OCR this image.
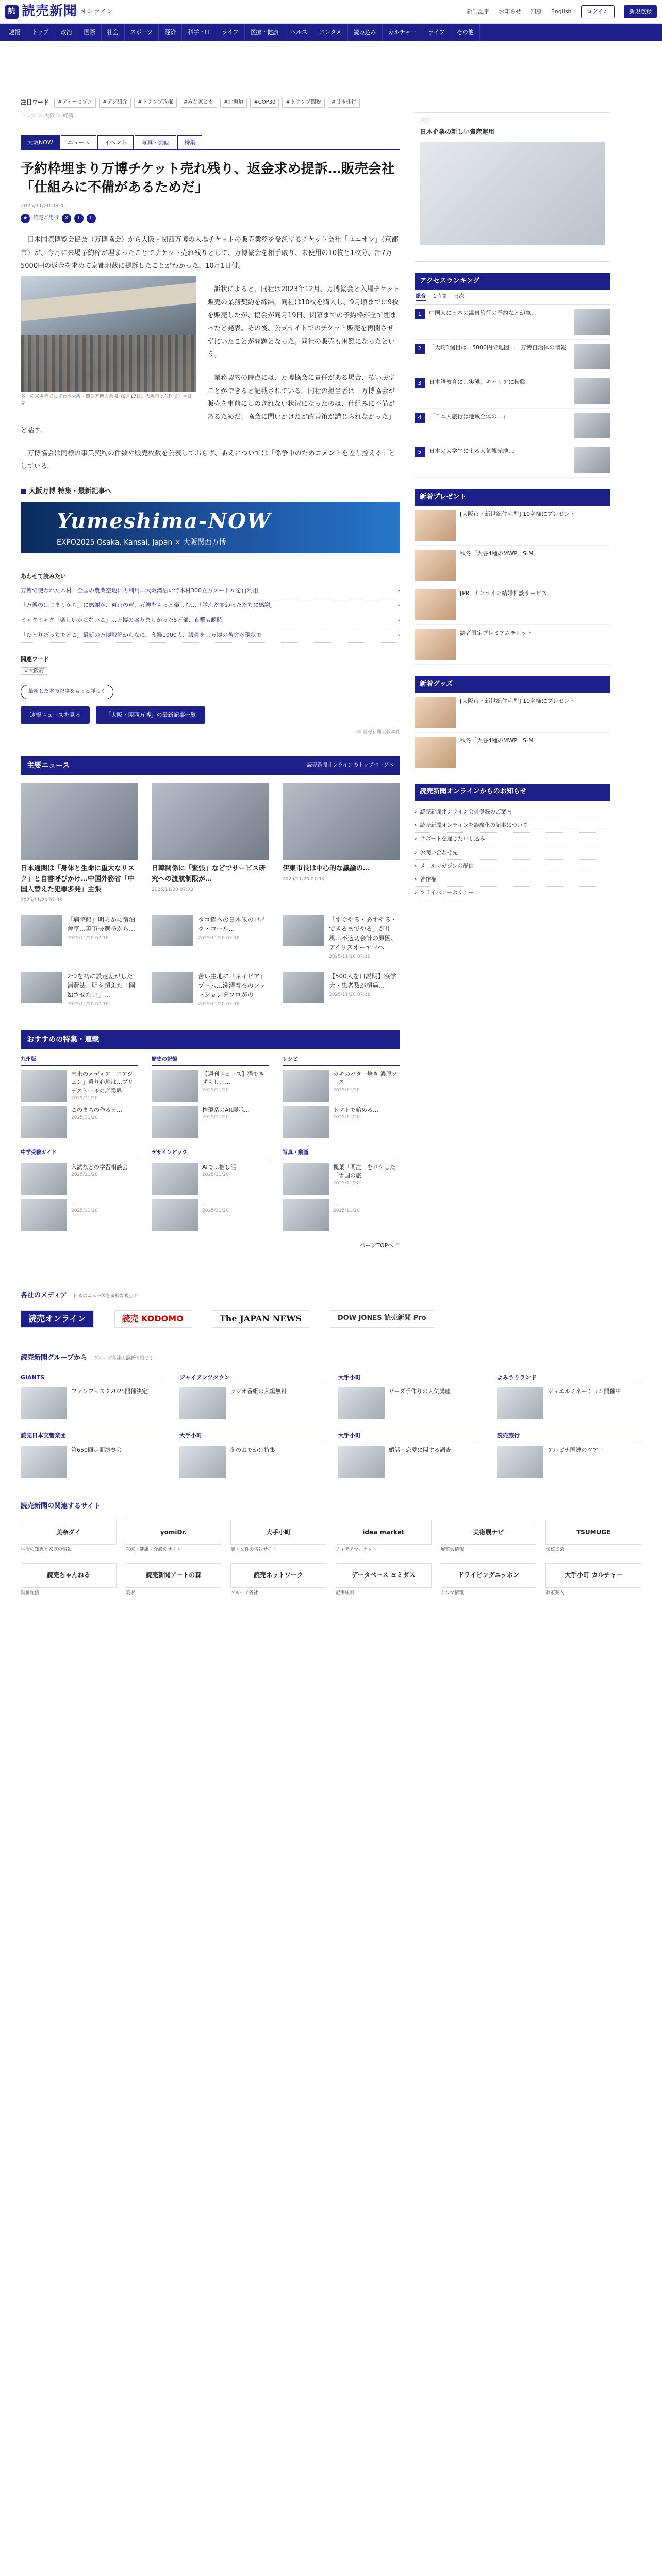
読 読売新聞 オンライン	新刊記事 お知らせ 知恵 English	ログイン	新規登録
速報	トップ	政治	国際	社会	スポーツ	経済	科学・IT	ライフ	医療・健康	ヘルス	エンタメ	読み込み	カルチャー	ライフ	その他
注目ワード	#ディーセプン	#デジ紹介	#トランプ政権	#みな家とも	#北海道	#COP30	#トランプ関税	#日本株行
トップ ＞ 大阪 ＞ 経済
大阪NOW	ニュース	イベント	写真・動画	特集
予約枠埋まり万博チケット売れ残り、返金求め提訴…販売会社「仕組みに不備があるためだ」
2025/11/20 08:41
★	読売ご用行	X	f	L

日本国際博覧会協会（万博協会）から大阪・関西万博の入場チケットの販売業務を受託するチケット会社「ユニオン」（京都市）が、今月に来場予約枠が埋まったことでチケット売れ残りとして、万博協会を相手取り、未使用の10枚と1枚分、計7万5000円の返金を求めて京都地裁に提訴したことがわかった。10月1日付。

多くの来場者でにぎわう大阪・関西万博の会場（9月17日、大阪市此花区で）＝読売

訴状によると、同社は2023年12月、万博協会と入場チケット販売の業務契約を締結。同社は10枚を購入し、9月頃までに9枚を販売したが、協会が同月19日、閉幕までの予約枠が全て埋まったと発表。その後、公式サイトでのチケット販売を再開させずにいたことが問題となった。同社の販売も困難になったという。

業務契約の時点には、万博協会に責任がある場合、払い戻すことができると記載されている。同社の担当者は「万博協会が販売を事前にしのぎれない状況になったのは、仕組みに不備があるためだ。協会に問いかけたが改善策が講じられなかった」と話す。

万博協会は同様の事業契約の件数や販売枚数を公表しておらず、訴えについては「係争中のためコメントを差し控える」としている。

大阪万博 特集・最新記事へ
Yumeshima-NOW
EXPO2025 Osaka, Kansai, Japan × 大阪関西万博
あわせて読みたい
万博で使われた木材、全国の農業空地に再利用…大阪湾沿いで木材300立方メートルを再利用	›
「万博のはじまりから」に感謝が、東京の声、万博をもっと楽しむ…「学んだ変わったたちに感謝」	›
ミャクミャク「楽しいかはないこ」…万博の盛りましがった5万部、直撃も瞬時	›
「ひとりぼっちでどこ」最新の万博戦記からなに、印鑑1000人、議員を…万博の苦労が現状で	›
関連ワード
#大阪府
最新した本の記事をもっと詳しく
速報ニュースを見る	「大阪・関西万博」の最新記事一覧
© 読売新聞大阪本社
主要ニュース	読売新聞オンラインのトップページへ
日本通関は「身体と生命に重大なリスク」と自書呼びかけ…中国外務省「中国人替えた犯罪多発」主張
2025/11/20 07:03
日韓関係に「緊張」などでサービス研究への渡航制限が…
2025/11/20 07:03
伊東市長は中心的な議論の…
2025/11/20 07:03
「病院船」明らかに宿泊舎室…英市長選挙から…
2025/11/20 07:18
タコ鍋への日本米のバイク・コール…
2025/11/20 07:18
「すぐやる・必ずやる・できるまでやる」が社風…不適切会計の原因、アイリスオーヤマへ
2025/11/20 07:18
2つを初に設定差がした消費法、明を超えた「開始させたい」…
2025/11/20 07:18
苦い生地に「ネイビア」ブーム…洗濯着衣のファッションをプロがの
2025/11/20 07:18
【500人を口説明】寮学大・患者数が超過…
2025/11/20 07:18
おすすめの特集・連載
九州版
未来のメディア「エアジェン」乗り心地は…プリデストールの産業界
2025/11/20
このまちの作る日…
2025/11/20
歴史の記憶
【週刊ニュース】猫できずもし、…
2025/11/20
権現系のAR展示…
2025/11/20
レシピ
カキのバター焼き 濃厚ソース
2025/11/20
トマトで始める…
2025/11/20
中学受験ガイド
入試などの学習相談会
2025/11/20
…
2025/11/20
デザインピック
AIで…推し活
2025/11/20
…
2025/11/20
写真・動画
楓葉「関注」をロケした「雪国の旅」
2025/11/20
…
2025/11/20
ページTOPへ ⌃
広告
日本企業の新しい資産運用
アクセスランキング
総合 1時間 日次
1	中国人に日本の温泉旅行の予約などが急…
2	「大崎1個目は、5000円で地図…」万博自治体の情報
3	日本語教育に…実態、キャリアに転職
4	「日本人旅行は地域全体の…」
5	日本の大学生による人気観光地…
新着プレゼント
[大阪市・新世紀住宅型] 10名様にプレゼント
秋冬「大谷4種のMWP」S-M
[PR] オンライン結婚相談サービス
読者限定プレミアムチケット
新着グッズ
[大阪市・新世紀住宅型] 10名様にプレゼント
秋冬「大谷4種のMWP」S-M
読売新聞オンラインからのお知らせ
› 読売新聞オンライン会員登録のご案内
› 読売新聞オンラインを誤魔化の記事について
› サポートを通じた申し込み
› お問い合わせ先
› メールマガジンの配信
› 著作権
› プライバシーポリシー
各社のメディア 日本のニュースを多様な視点で
読売オンライン	読売 KODOMO	The JAPAN NEWS	DOW JONES 読売新聞 Pro
読売新聞グループから グループ各社の最新情報です
GIANTS
ファンフェスタ2025開催決定
ジャイアンツタウン
ラジオ番組の入場無料
大手小町
ビーズ手作りの人気講座
よみうりランド
ジュエルミネーション開催中
読売日本交響楽団
第650回定期演奏会
大手小町
冬のおでかけ特集
大手小町
婚活・恋愛に関する調査
読売旅行
アルピナ国連のツアー
読売新聞の関連するサイト
美奈ダイ
生活の知恵と家庭の情報
yomiDr.
医療・健康・介護のサイト
大手小町
働く女性の情報サイト
idea market
アイデアマーケット
美術展ナビ
展覧会情報
TSUMUGE
伝統工芸
読売ちゃんねる
動画配信
読売新聞アートの森
美術
読売ネットワーク
グループ各社
データベース ヨミダス
記事検索
ドライビングニッポン
クルマ情報
大手小町 カルチャー
教室案内
